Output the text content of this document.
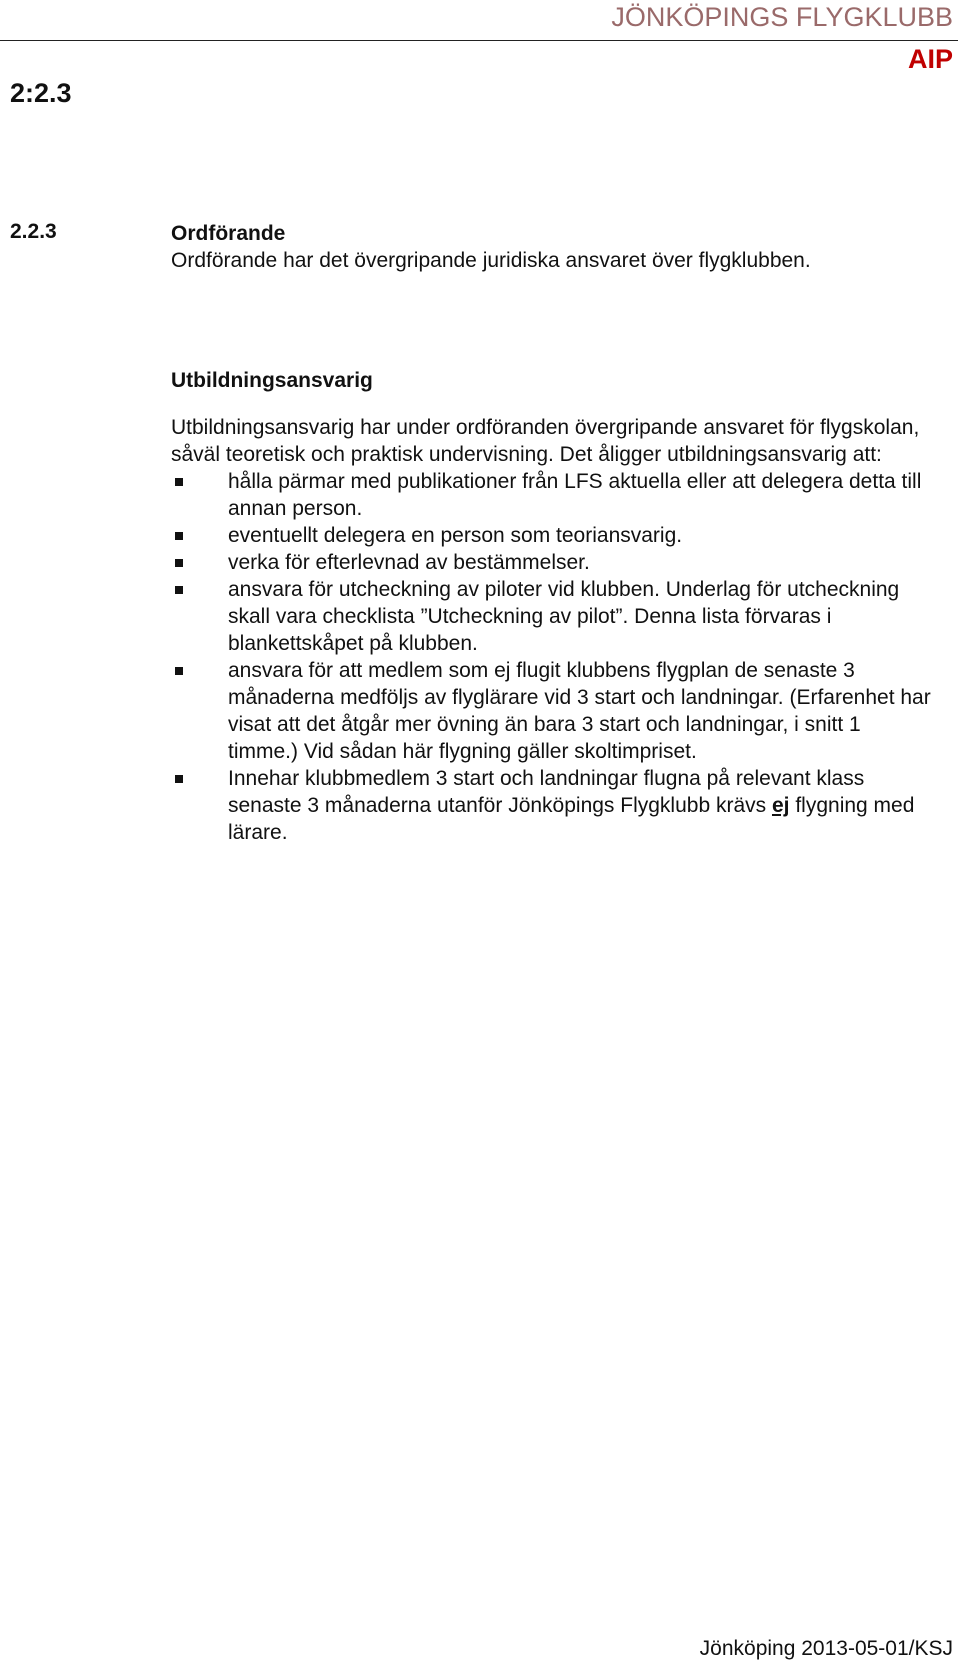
JÖNKÖPINGS FLYGKLUBB
AIP
2:2.3
2.2.3	Ordförande

Ordförande har det övergripande juridiska ansvaret över flygklubben.

Utbildningsansvarig

Utbildningsansvarig har under ordföranden övergripande ansvaret för flygskolan, såväl teoretisk och praktisk undervisning. Det åligger utbildningsansvarig att:

hålla pärmar med publikationer från LFS aktuella eller att delegera detta till annan person.
eventuellt delegera en person som teoriansvarig.
verka för efterlevnad av bestämmelser.
ansvara för utcheckning av piloter vid klubben. Underlag för utcheckning skall vara checklista ”Utcheckning av pilot”. Denna lista förvaras i blankettskåpet på klubben.
ansvara för att medlem som ej flugit klubbens flygplan de senaste 3 månaderna medföljs av flyglärare vid 3 start och landningar. (Erfarenhet har visat att det åtgår mer övning än bara 3 start och landningar, i snitt 1 timme.) Vid sådan här flygning gäller skoltimpriset.
Innehar klubbmedlem 3 start och landningar flugna på relevant klass senaste 3 månaderna utanför Jönköpings Flygklubb krävs ej flygning med lärare.

Jönköping 2013-05-01/KSJ
